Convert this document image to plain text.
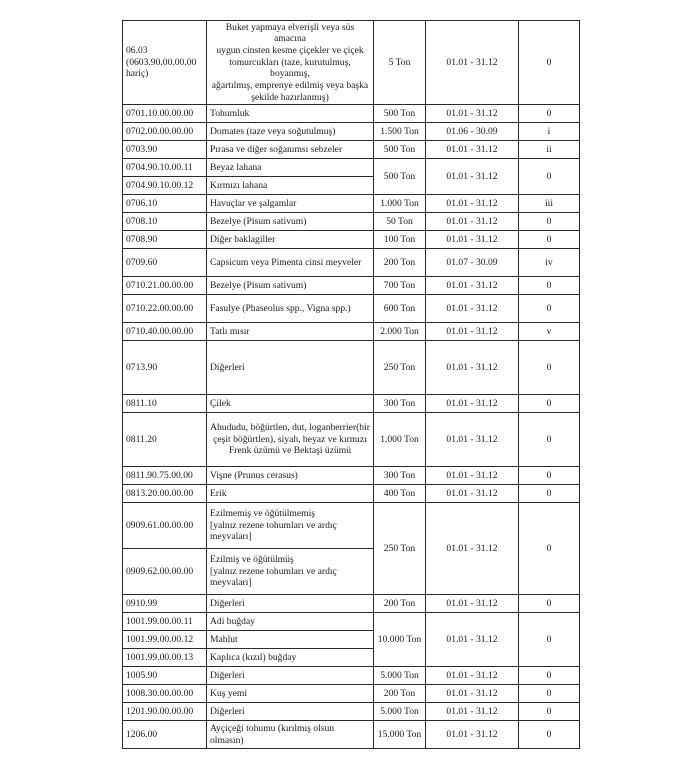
06.03
(0603.90.00.00.00
hariç)	Buket yapmaya elverişli veya süs amacına
uygun cinsten kesme çiçekler ve çiçek
tomurcukları (taze, kurutulmuş, boyanmış,
ağartılmış, emprenye edilmiş veya başka
şekilde hazırlanmış)	5 Ton	01.01 - 31.12	0
0701.10.00.00.00	Tohumluk	500 Ton	01.01 - 31.12	0
0702.00.00.00.00	Domates (taze veya soğutulmuş)	1.500 Ton	01.06 - 30.09	i
0703.90	Pırasa ve diğer soğanımsı sebzeler	500 Ton	01.01 - 31.12	ii
0704.90.10.00.11	Beyaz lahana	500 Ton	01.01 - 31.12	0
0704.90.10.00.12	Kırmızı lahana			
0706.10	Havuçlar ve şalgamlar	1.000 Ton	01.01 - 31.12	iii
0708.10	Bezelye (Pisum sativum)	50 Ton	01.01 - 31.12	0
0708.90	Diğer baklagiller	100 Ton	01.01 - 31.12	0
0709.60	Capsicum veya Pimenta cinsi meyveler	200 Ton	01.07 - 30.09	iv
0710.21.00.00.00	Bezelye (Pisum sativum)	700 Ton	01.01 - 31.12	0
0710.22.00.00.00	Fasulye (Phaseolus spp., Vigna spp.)	600 Ton	01.01 - 31.12	0
0710.40.00.00.00	Tatlı mısır	2.000 Ton	01.01 - 31.12	v
0713.90	Diğerleri	250 Ton	01.01 - 31.12	0
0811.10	Çilek	300 Ton	01.01 - 31.12	0
0811.20	Ahududu, böğürtlen, dut, loganberrier(bir
çeşit böğürtlen), siyah, beyaz ve kırmızı
Frenk üzümü ve Bektaşi üzümü	1.000 Ton	01.01 - 31.12	0
0811.90.75.00.00	Vişne (Prunus cerasus)	300 Ton	01.01 - 31.12	0
0813.20.00.00.00	Erik	400 Ton	01.01 - 31.12	0
0909.61.00.00.00	Ezilmemiş ve öğütülmemiş
[yalnız rezene tohumları ve ardıç
meyvaları]	250 Ton	01.01 - 31.12	0
0909.62.00.00.00	Ezilmiş ve öğütülmüş
[yalnız rezene tohumları ve ardıç
meyvaları]			
0910.99	Diğerleri	200 Ton	01.01 - 31.12	0
1001.99.00.00.11	Adi buğday	10.000 Ton	01.01 - 31.12	0
1001.99.00.00.12	Mahlut			
1001.99.00.00.13	Kaplıca (kızıl) buğday			
1005.90	Diğerleri	5.000 Ton	01.01 - 31.12	0
1008.30.00.00.00	Kuş yemi	200 Ton	01.01 - 31.12	0
1201.90.00.00.00	Diğerleri	5.000 Ton	01.01 - 31.12	0
1206.00	Ayçiçeği tohumu (kırılmış olsun olmasın)	15.000 Ton	01.01 - 31.12	0
